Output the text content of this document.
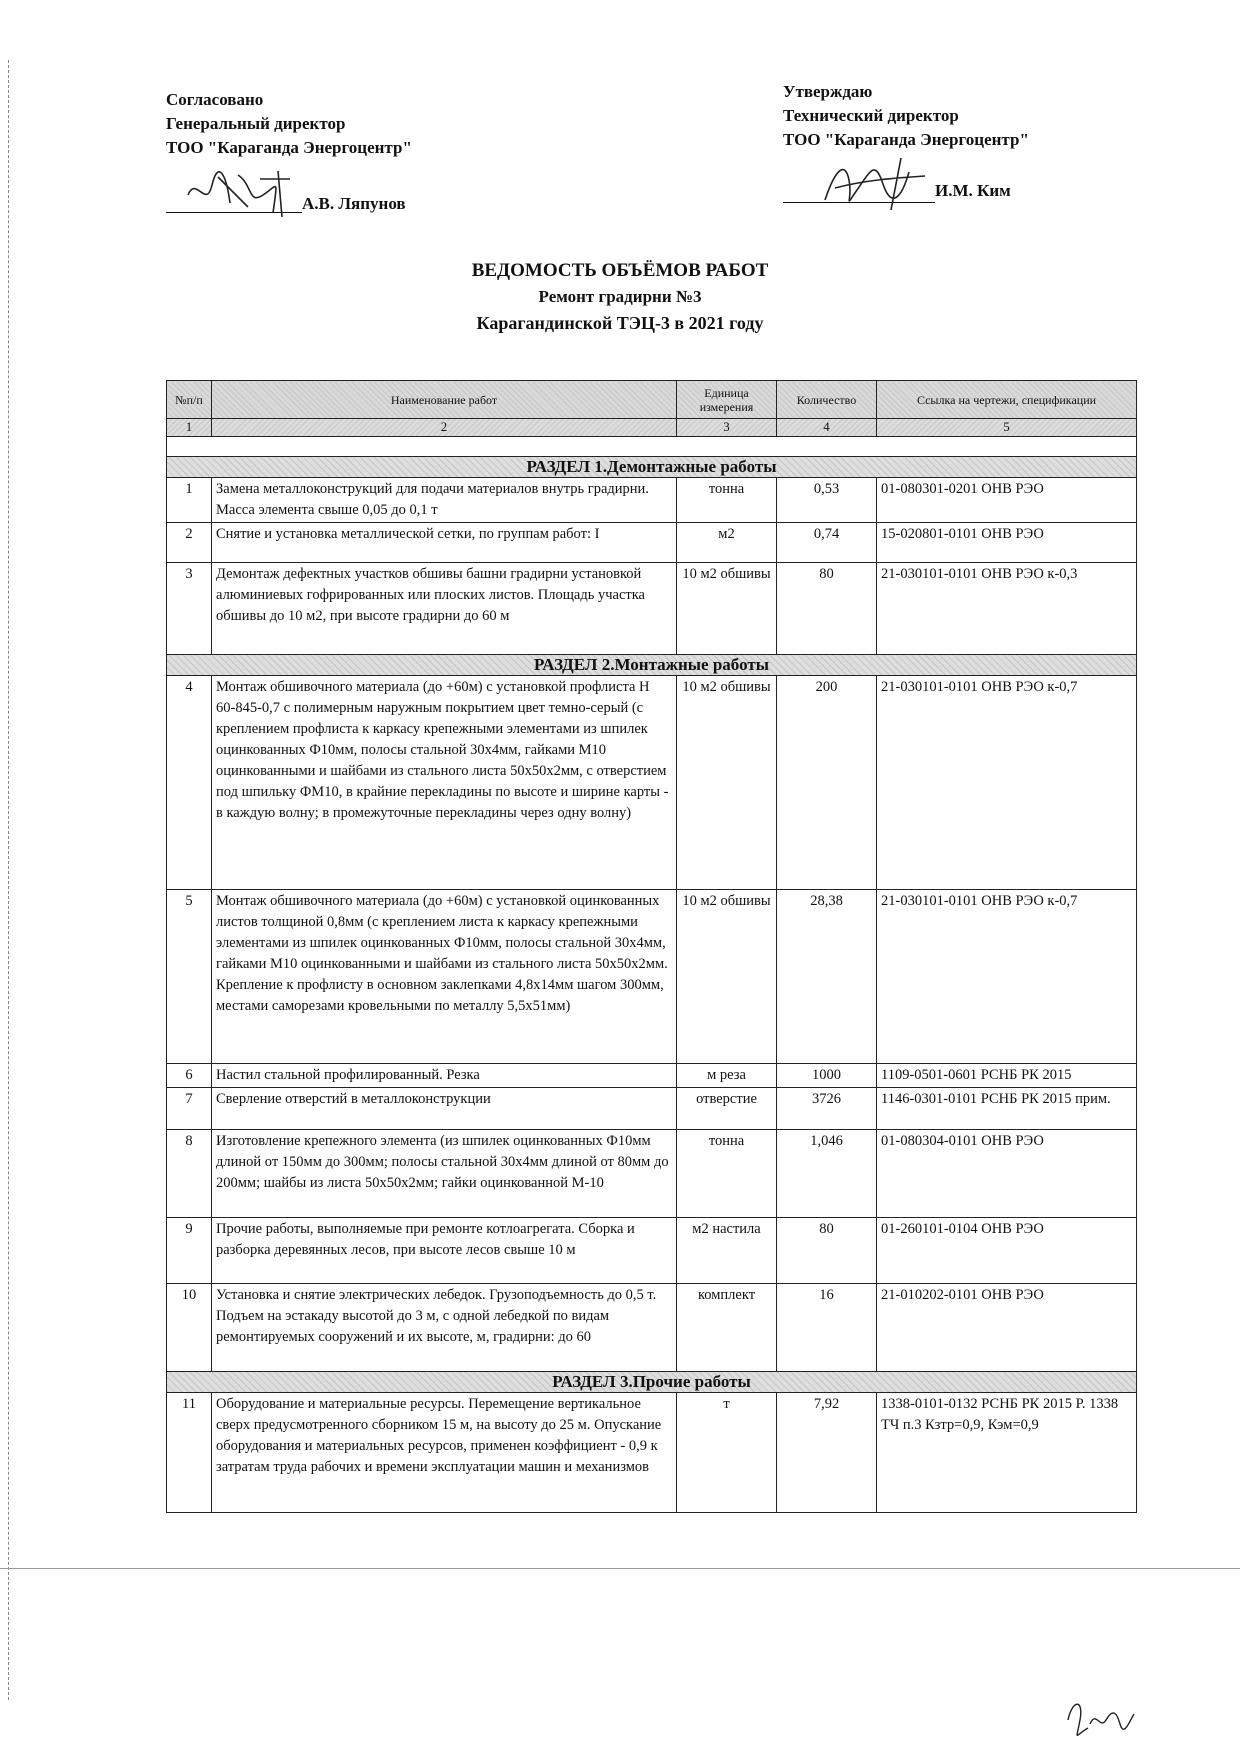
Согласовано
Генеральный директор
ТОО "Караганда Энергоцентр"
А.В. Ляпунов
Утверждаю
Технический директор
ТОО "Караганда Энергоцентр"
И.М. Ким
ВЕДОМОСТЬ ОБЪЁМОВ РАБОТ
Ремонт градирни №3
Карагандинской ТЭЦ-3 в 2021 году
№п/п	Наименование работ	Единица измерения	Количество	Ссылка на чертежи, спецификации
1	2	3	4	5

РАЗДЕЛ 1.Демонтажные работы				
1	Замена металлоконструкций для подачи материалов внутрь градирни. Масса элемента свыше 0,05 до 0,1 т	тонна	0,53	01-080301-0201 ОНВ РЭО
2	Снятие и установка металлической сетки, по группам работ: I	м2	0,74	15-020801-0101 ОНВ РЭО
3	Демонтаж дефектных участков обшивы башни градирни установкой алюминиевых гофрированных или плоских листов. Площадь участка обшивы до 10 м2, при высоте градирни до 60 м	10 м2 обшивы	80	21-030101-0101 ОНВ РЭО к-0,3
РАЗДЕЛ 2.Монтажные работы				
4	Монтаж обшивочного материала (до +60м) с установкой профлиста Н 60-845-0,7 с полимерным наружным покрытием цвет темно-серый (с креплением профлиста к каркасу крепежными элементами из шпилек оцинкованных Ф10мм, полосы стальной 30х4мм, гайками М10 оцинкованными и шайбами из стального листа 50х50х2мм, с отверстием под шпильку ФМ10, в крайние перекладины по высоте и ширине карты - в каждую волну; в промежуточные перекладины через одну волну)	10 м2 обшивы	200	21-030101-0101 ОНВ РЭО к-0,7
5	Монтаж обшивочного материала (до +60м) с установкой оцинкованных листов толщиной 0,8мм (с креплением листа к каркасу крепежными элементами из шпилек оцинкованных Ф10мм, полосы стальной 30х4мм, гайками М10 оцинкованными и шайбами из стального листа 50х50х2мм. Крепление к профлисту в основном заклепками 4,8х14мм шагом 300мм, местами саморезами кровельными по металлу 5,5х51мм)	10 м2 обшивы	28,38	21-030101-0101 ОНВ РЭО к-0,7
6	Настил стальной профилированный. Резка	м реза	1000	1109-0501-0601 РСНБ РК 2015
7	Сверление отверстий в металлоконструкции	отверстие	3726	1146-0301-0101 РСНБ РК 2015 прим.
8	Изготовление крепежного элемента (из шпилек оцинкованных Ф10мм длиной от 150мм до 300мм; полосы стальной 30х4мм длиной от 80мм до 200мм; шайбы из листа 50х50х2мм; гайки оцинкованной М-10	тонна	1,046	01-080304-0101 ОНВ РЭО
9	Прочие работы, выполняемые при ремонте котлоагрегата. Сборка и разборка деревянных лесов, при высоте лесов свыше 10 м	м2 настила	80	01-260101-0104 ОНВ РЭО
10	Установка и снятие электрических лебедок. Грузоподъемность до 0,5 т. Подъем на эстакаду высотой до 3 м, с одной лебедкой по видам ремонтируемых сооружений и их высоте, м, градирни: до 60	комплект	16	21-010202-0101 ОНВ РЭО
РАЗДЕЛ 3.Прочие работы				
11	Оборудование и материальные ресурсы. Перемещение вертикальное сверх предусмотренного сборником 15 м, на высоту до 25 м. Опускание оборудования и материальных ресурсов, применен коэффициент - 0,9 к затратам труда рабочих и времени эксплуатации машин и механизмов	т	7,92	1338-0101-0132 РСНБ РК 2015 Р. 1338 ТЧ п.3 Кзтр=0,9, Кэм=0,9
